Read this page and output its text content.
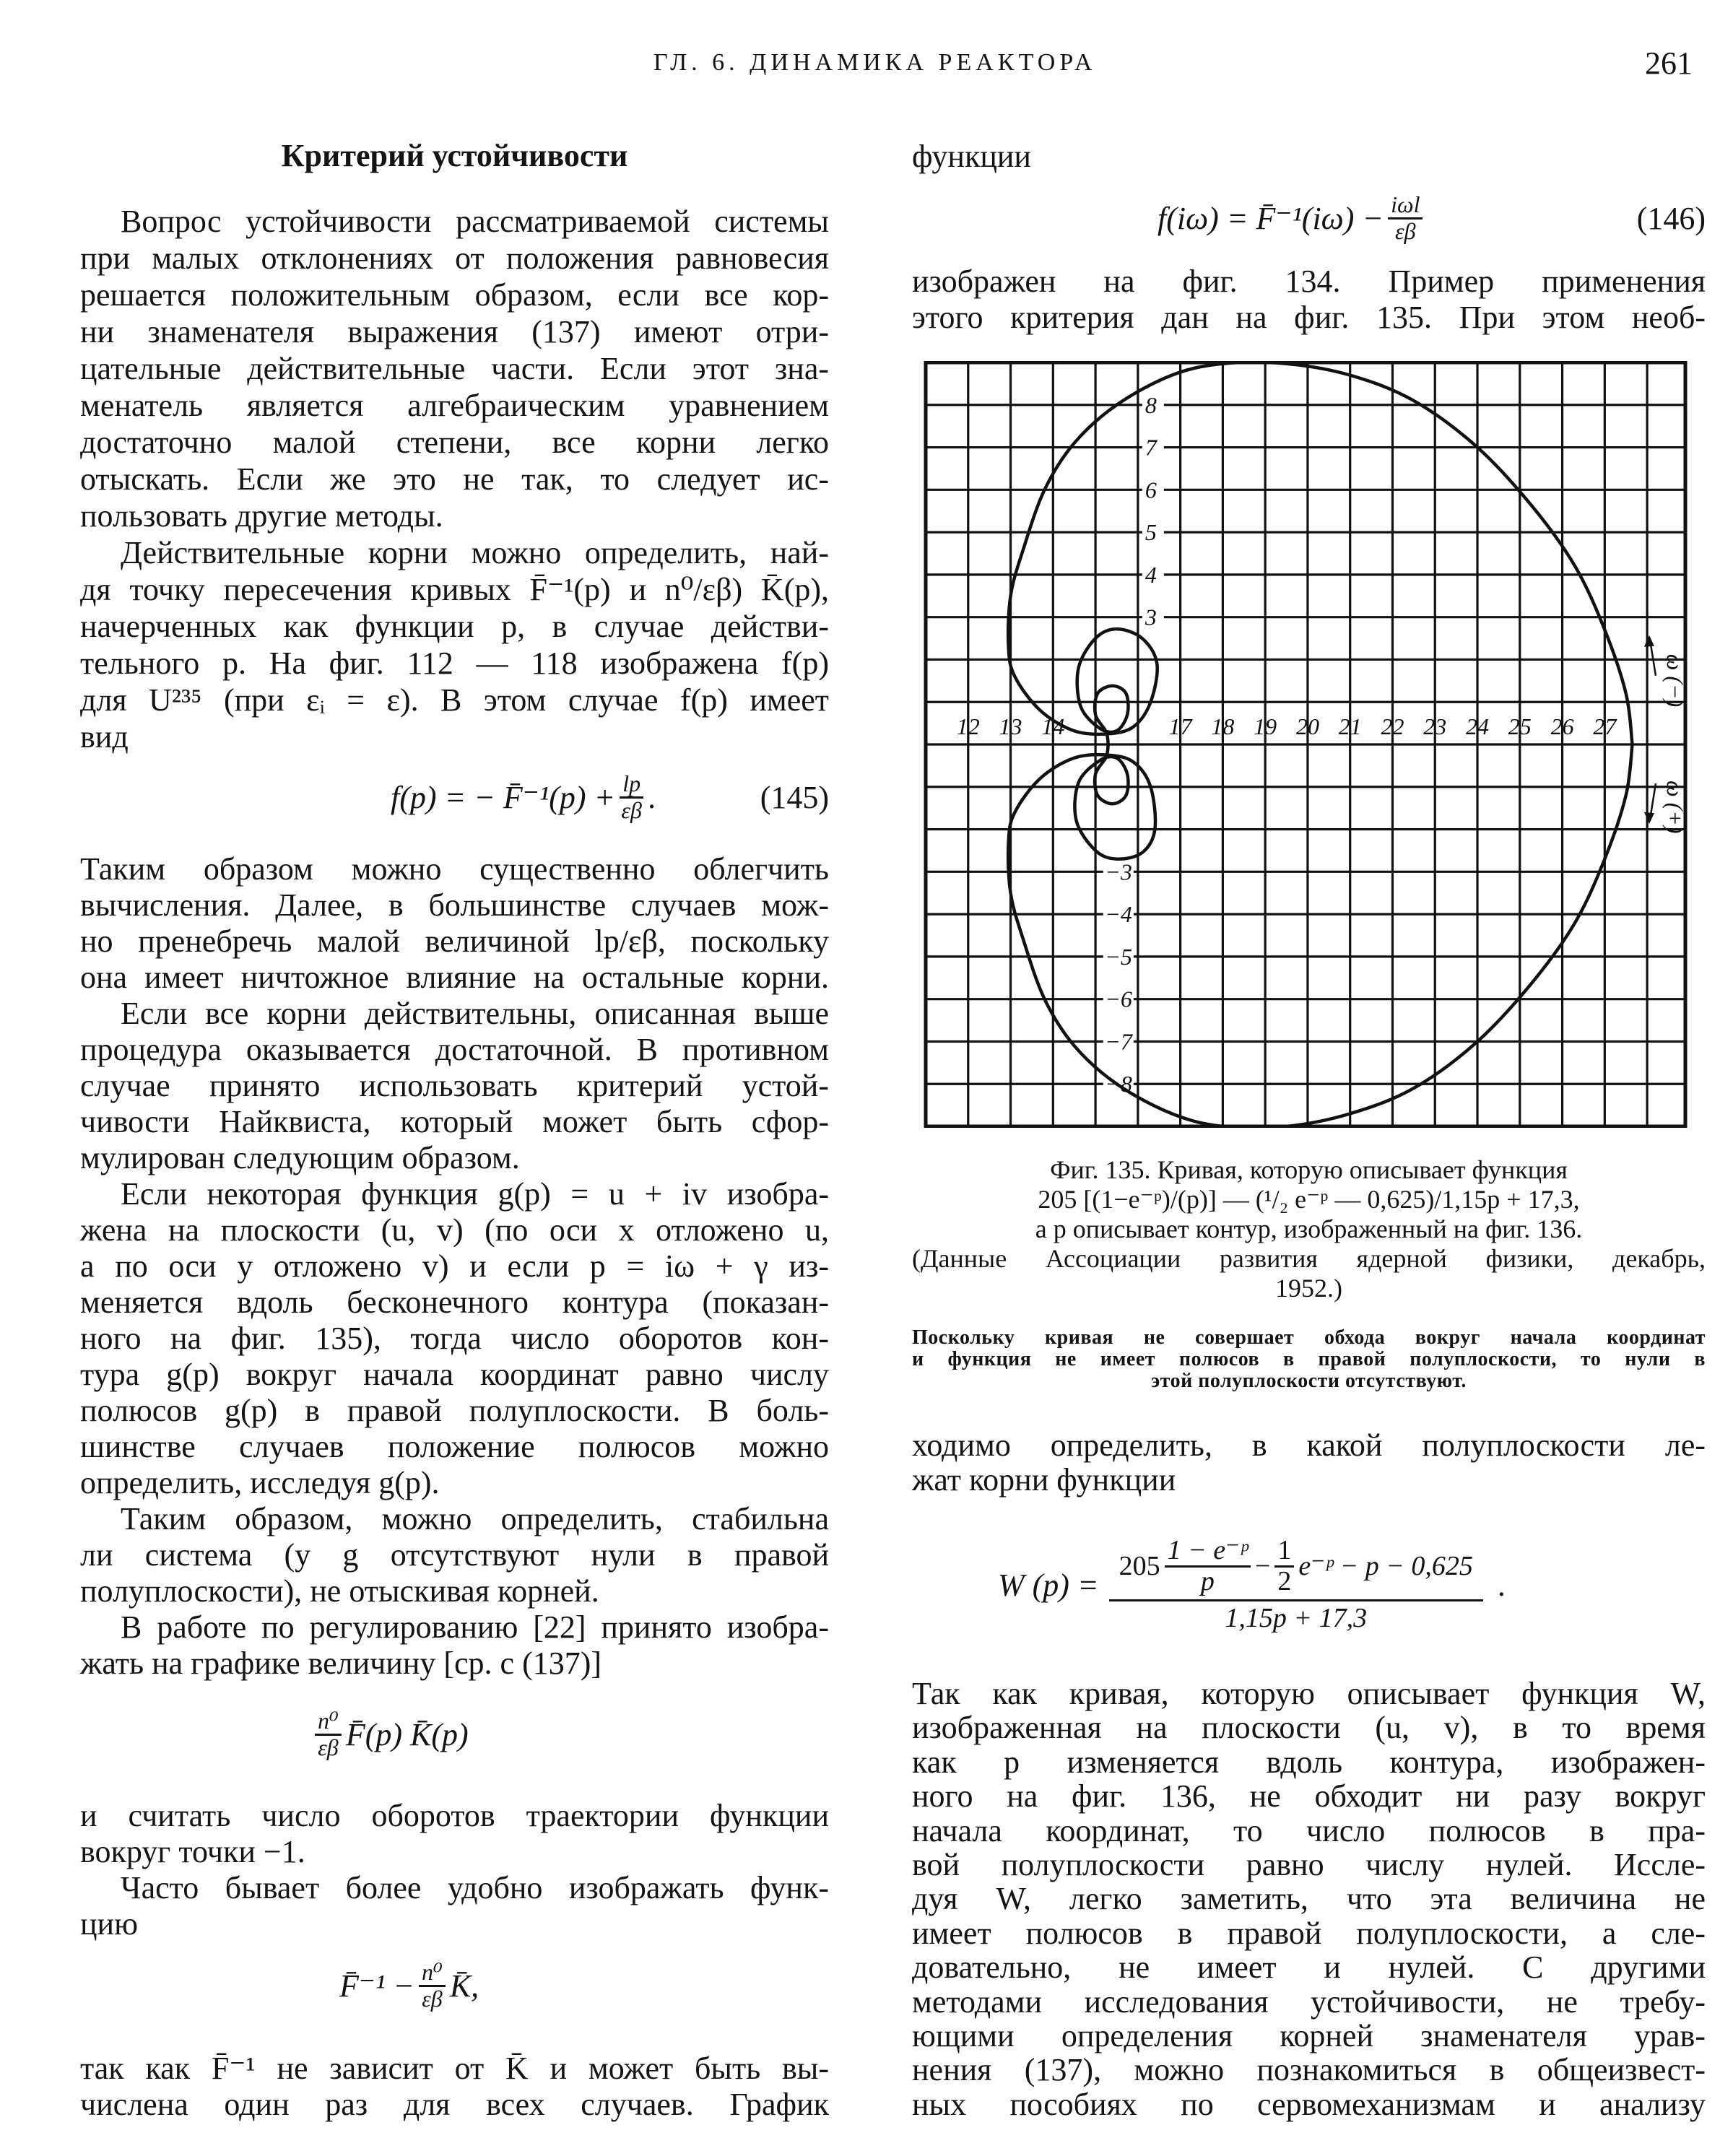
ГЛ. 6. ДИНАМИКА РЕАКТОРА	261
Критерий устойчивости
Вопрос устойчивости рассматриваемой системы
при малых отклонениях от положения равновесия
решается положительным образом, если все кор-
ни знаменателя выражения (137) имеют отри-
цательные действительные части. Если этот зна-
менатель является алгебраическим уравнением
достаточно малой степени, все корни легко
отыскать. Если же это не так, то следует ис-
пользовать другие методы.
Действительные корни можно определить, най-
дя точку пересечения кривых F̄⁻¹(p) и n⁰/εβ) K̄(p),
начерченных как функции p, в случае действи-
тельного p. На фиг. 112 — 118 изображена f(p)
для U²³⁵ (при εᵢ = ε). В этом случае f(p) имеет
вид
f(p) = − F̄⁻¹(p) + $\frac{lp}{\varepsilon\beta}$ .	(145)
Таким образом можно существенно облегчить
вычисления. Далее, в большинстве случаев мож-
но пренебречь малой величиной lp/εβ, поскольку
она имеет ничтожное влияние на остальные корни.
Если все корни действительны, описанная выше
процедура оказывается достаточной. В противном
случае принято использовать критерий устой-
чивости Найквиста, который может быть сфор-
мулирован следующим образом.
Если некоторая функция g(p) = u + iv изобра-
жена на плоскости (u, v) (по оси x отложено u,
а по оси y отложено v) и если p = iω + γ из-
меняется вдоль бесконечного контура (показан-
ного на фиг. 135), тогда число оборотов кон-
тура g(p) вокруг начала координат равно числу
полюсов g(p) в правой полуплоскости. В боль-
шинстве случаев положение полюсов можно
определить, исследуя g(p).
Таким образом, можно определить, стабильна
ли система (у g отсутствуют нули в правой
полуплоскости), не отыскивая корней.
В работе по регулированию [22] принято изобра-
жать на графике величину [ср. с (137)]
$\frac{\text{n⁰}}{\varepsilon\beta}$ F̄(p) K̄(p)
и считать число оборотов траектории функции
вокруг точки −1.
Часто бывает более удобно изображать функ-
цию
F̄⁻¹ − $\frac{\text{n⁰}}{\varepsilon\beta}$ K̄,
так как F̄⁻¹ не зависит от K̄ и может быть вы-
числена один раз для всех случаев. График
функции
f(iω) = F̄⁻¹(iω) − iωl
εβ	(146)
изображен на фиг. 134. Пример применения
этого критерия дан на фиг. 135. При этом необ-
12 13 14	17 18 19 20 21 22 23 24 25 26 27
8
7
6
5
4
3
−3
−4
−5
−6
−7
−8
ω (−)
ω (+)
Фиг. 135. Кривая, которую описывает функция
205 [(1−e⁻ᵖ)/(p)] — (¹/₂ e⁻ᵖ — 0,625)/1,15p + 17,3,
а p описывает контур, изображенный на фиг. 136.
(Данные Ассоциации развития ядерной физики, декабрь,
1952.)
Поскольку кривая не совершает обхода вокруг начала координат
и функция не имеет полюсов в правой полуплоскости, то нули в
этой полуплоскости отсутствуют.
ходимо определить, в какой полуплоскости ле-
жат корни функции
W $(p) = \frac{205 \frac{\text{1 − e⁻ᵖ}}{p} - \frac{1}{2} e^-ᵖ - p - 0,625}{1,15p + 17,3}$ .
Так как кривая, которую описывает функция W,
изображенная на плоскости (u, v), в то время
как p изменяется вдоль контура, изображен-
ного на фиг. 136, не обходит ни разу вокруг
начала координат, то число полюсов в пра-
вой полуплоскости равно числу нулей. Иссле-
дуя W, легко заметить, что эта величина не
имеет полюсов в правой полуплоскости, а сле-
довательно, не имеет и нулей. С другими
методами исследования устойчивости, не требу-
ющими определения корней знаменателя урав-
нения (137), можно познакомиться в общеизвест-
ных пособиях по сервомеханизмам и анализу
